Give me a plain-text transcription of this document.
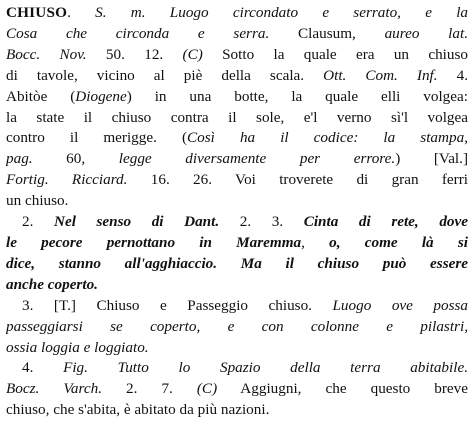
CHIUSO. S. m. Luogo circondato e serrato, e la
Cosa che circonda e serra. Clausum, aureo lat.
Bocc. Nov. 50. 12. (C) Sotto la quale era un chiuso
di tavole, vicino al piè della scala. Ott. Com. Inf. 4.
Abitòe (Diogene) in una botte, la quale elli volgea:
la state il chiuso contra il sole, e'l verno sì'l volgea
contro il merigge. (Così ha il codice: la stampa,
pag. 60, legge diversamente per errore.) [Val.]
Fortig. Ricciard. 16. 26. Voi troverete di gran ferri
un chiuso.
2. Nel senso di Dant. 2. 3. Cinta di rete, dove
le pecore pernottano in Maremma, o, come là si
dice, stanno all'agghiaccio. Ma il chiuso può essere
anche coperto.
3. [T.] Chiuso e Passeggio chiuso. Luogo ove possa
passeggiarsi se coperto, e con colonne e pilastri,
ossia loggia e loggiato.
4. Fig. Tutto lo Spazio della terra abitabile.
Bocz. Varch. 2. 7. (C) Aggiugni, che questo breve
chiuso, che s'abita, è abitato da più nazioni.
